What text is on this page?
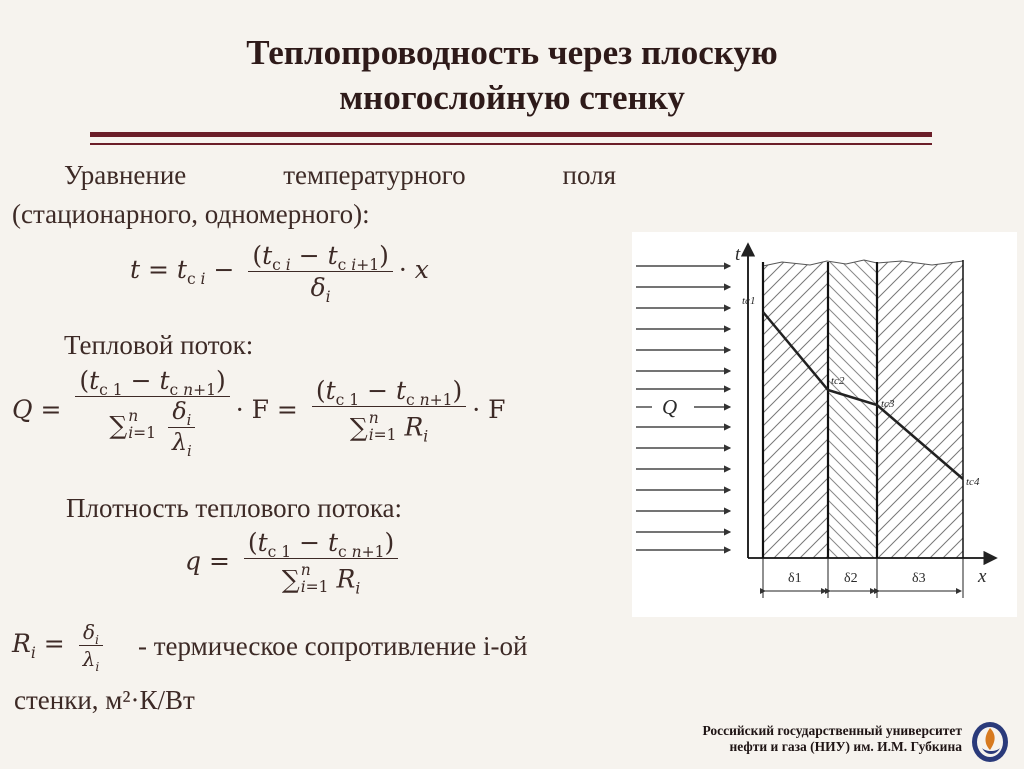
Теплопроводность через плоскую
многослойную стенку
Уравнение температурного поля
(стационарного, одномерного):
$t = t_{c i} - \frac{(t_{c i} - t_{c i+1})}{\delta_i} \cdot x$
Тепловой поток:
$Q = (t_{c 1} - t_{c n+1})$
∑ n
i=1
$\frac{\delta_i}{\lambda_i} \cdot F = (t_{c 1} - t_{c n+1})$
∑ n
i=1 $R_i \cdot F$
Плотность теплового потока:
$q = (t_{c 1} - t_{c n+1})$
∑ n
i=1 $R_i$
$R_i = \frac{\delta_i}{\lambda_i}$ - термическое сопротивление i-ой
стенки, м²·К/Вт
t
x
Q
tс1
tс2
tс3
tс4
δ1	δ2	δ3
Российский государственный университет
нефти и газа (НИУ) им. И.М. Губкина
